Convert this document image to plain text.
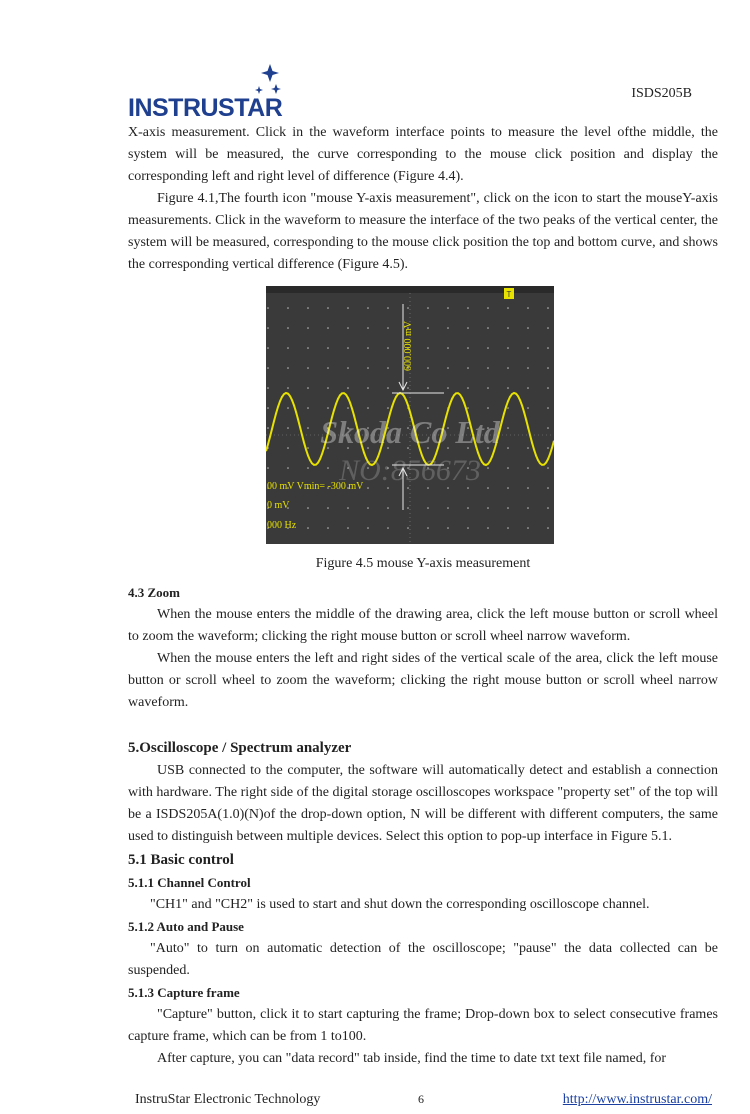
INSTRUSTAR
ISDS205B

X-axis measurement. Click in the waveform interface points to measure the level ofthe middle, the system will be measured, the curve corresponding to the mouse click position and display the corresponding left and right level of difference (Figure 4.4).

Figure 4.1,The fourth icon "mouse Y-axis measurement", click on the icon to start the mouseY-axis measurements. Click in the waveform to measure the interface of the two peaks of the vertical center, the system will be measured, corresponding to the mouse click position the top and bottom curve, and shows the corresponding vertical difference (Figure 4.5).

600.000 mV
T
Skoda Co Ltd
NO:856673
00 mV Vmin= -300 mV
0 mV
000 Hz
Figure 4.5 mouse Y-axis measurement

4.3 Zoom

When the mouse enters the middle of the drawing area, click the left mouse button or scroll wheel to zoom the waveform; clicking the right mouse button or scroll wheel narrow waveform.

When the mouse enters the left and right sides of the vertical scale of the area, click the left mouse button or scroll wheel to zoom the waveform; clicking the right mouse button or scroll wheel narrow waveform.

5.Oscilloscope / Spectrum analyzer

USB connected to the computer, the software will automatically detect and establish a connection with hardware. The right side of the digital storage oscilloscopes workspace "property set" of the top will be a ISDS205A(1.0)(N)of the drop-down option, N will be different with different computers, the same used to distinguish between multiple devices. Select this option to pop-up interface in Figure 5.1.

5.1 Basic control

5.1.1 Channel Control

"CH1" and "CH2" is used to start and shut down the corresponding oscilloscope channel.

5.1.2 Auto and Pause

"Auto" to turn on automatic detection of the oscilloscope; "pause" the data collected can be suspended.

5.1.3 Capture frame

"Capture" button, click it to start capturing the frame; Drop-down box to select consecutive frames capture frame, which can be from 1 to100.

After capture, you can "data record" tab inside, find the time to date txt text file named, for

InstruStar Electronic Technology	6	http://www.instrustar.com/
